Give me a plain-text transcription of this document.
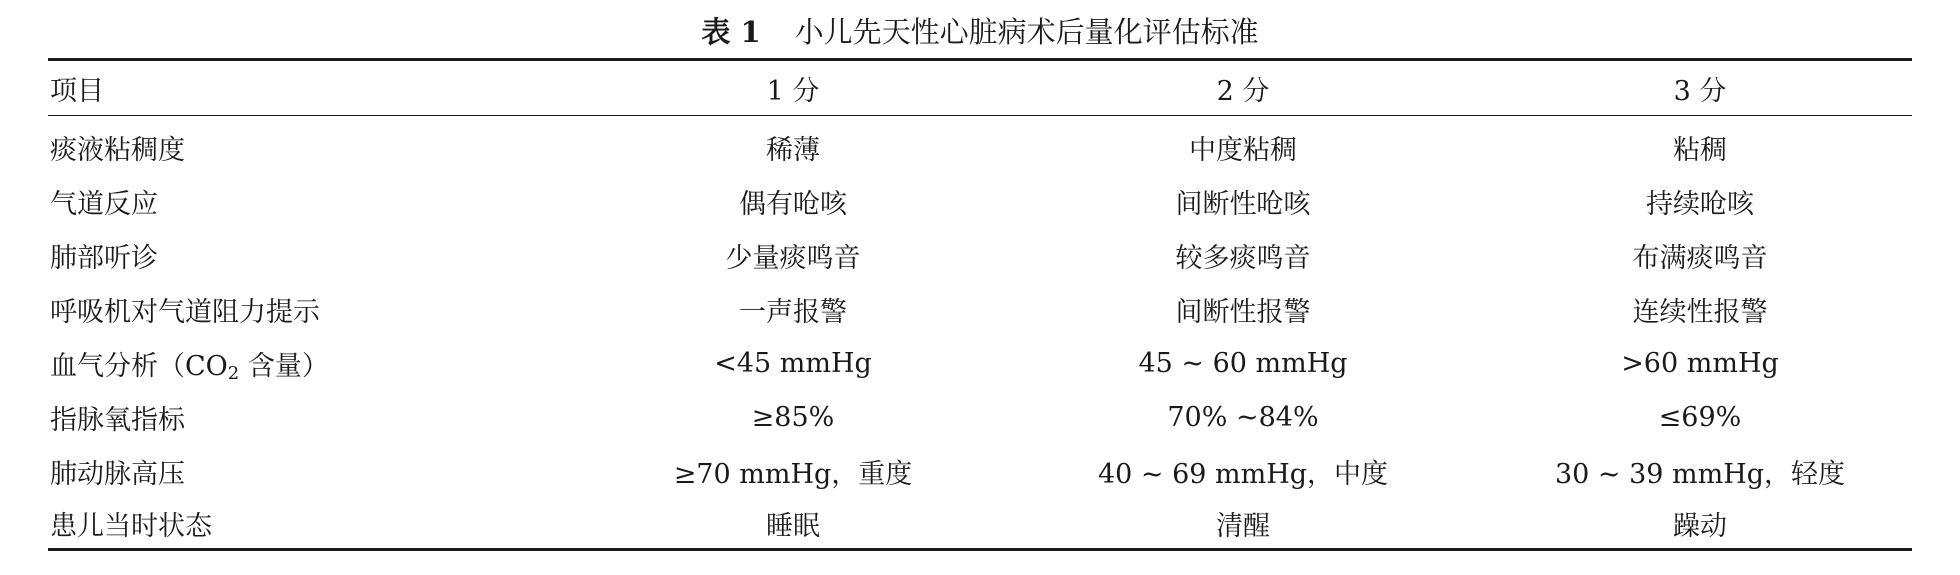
表 1 小儿先天性心脏病术后量化评估标准
项目	1 分	2 分	3 分
痰液粘稠度	稀薄	中度粘稠	粘稠
气道反应	偶有呛咳	间断性呛咳	持续呛咳
肺部听诊	少量痰鸣音	较多痰鸣音	布满痰鸣音
呼吸机对气道阻力提示	一声报警	间断性报警	连续性报警
血气分析（$CO_2$ 含量）	<45 mmHg	45 ~ 60 mmHg	>60 mmHg
指脉氧指标	≥85%	70% ~84%	≤69%
肺动脉高压	≥70 mmHg，重度	40 ~ 69 mmHg，中度	30 ~ 39 mmHg，轻度
患儿当时状态	睡眠	清醒	躁动
